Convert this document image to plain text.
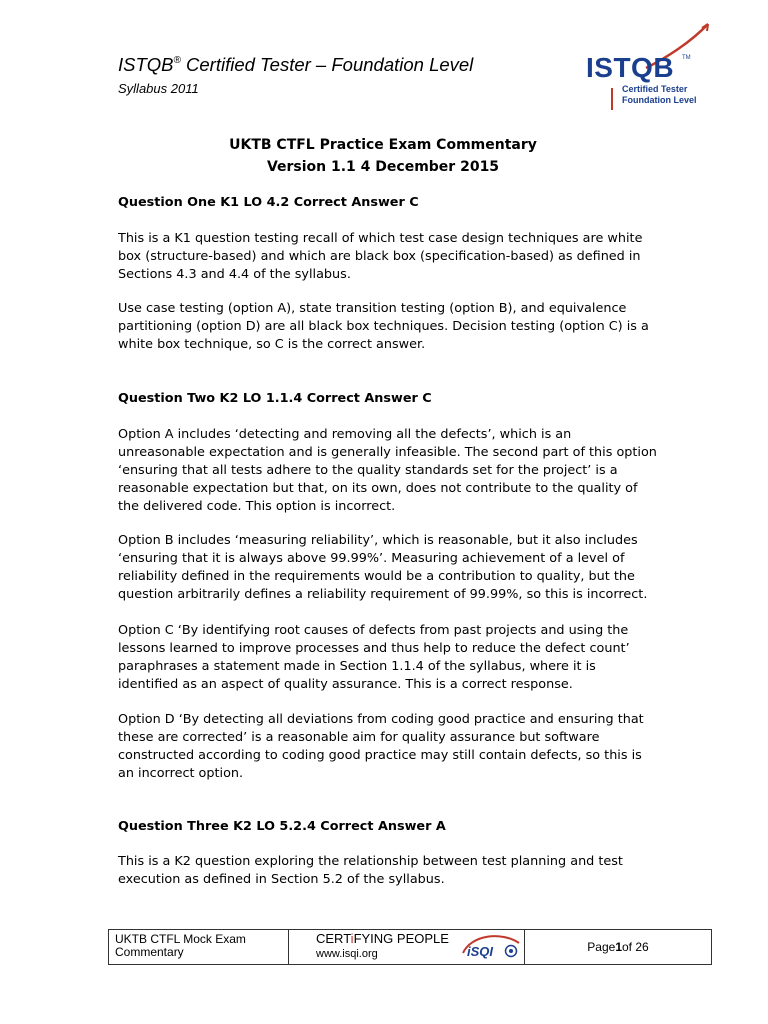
ISTQB® Certified Tester – Foundation Level
Syllabus 2011
ISTQB TM
Certified Tester
Foundation Level
UKTB CTFL Practice Exam Commentary
Version 1.1 4 December 2015
Question One K1 LO 4.2 Correct Answer C
This is a K1 question testing recall of which test case design techniques are white box (structure-based) and which are black box (specification-based) as defined in Sections 4.3 and 4.4 of the syllabus.
Use case testing (option A), state transition testing (option B), and equivalence partitioning (option D) are all black box techniques. Decision testing (option C) is a white box technique, so C is the correct answer.
Question Two K2 LO 1.1.4 Correct Answer C
Option A includes ‘detecting and removing all the defects’, which is an unreasonable expectation and is generally infeasible. The second part of this option ‘ensuring that all tests adhere to the quality standards set for the project’ is a reasonable expectation but that, on its own, does not contribute to the quality of the delivered code. This option is incorrect.
Option B includes ‘measuring reliability’, which is reasonable, but it also includes ‘ensuring that it is always above 99.99%’. Measuring achievement of a level of reliability defined in the requirements would be a contribution to quality, but the question arbitrarily defines a reliability requirement of 99.99%, so this is incorrect.
Option C ‘By identifying root causes of defects from past projects and using the lessons learned to improve processes and thus help to reduce the defect count’ paraphrases a statement made in Section 1.1.4 of the syllabus, where it is identified as an aspect of quality assurance. This is a correct response.
Option D ‘By detecting all deviations from coding good practice and ensuring that these are corrected’ is a reasonable aim for quality assurance but software constructed according to coding good practice may still contain defects, so this is an incorrect option.
Question Three K2 LO 5.2.4 Correct Answer A
This is a K2 question exploring the relationship between test planning and test execution as defined in Section 5.2 of the syllabus.
UKTB CTFL Mock Exam
Commentary
CERTiFYING PEOPLE
www.isqi.org	iSQI	Page 1 of 26
